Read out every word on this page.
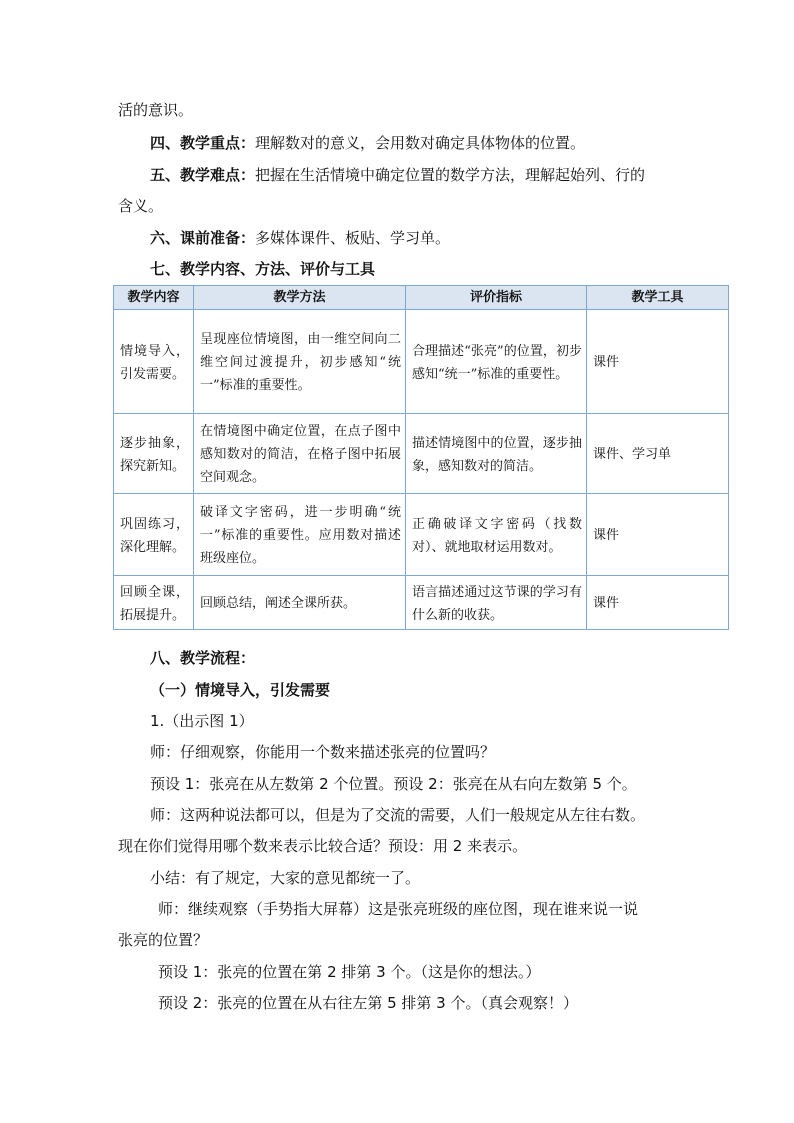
活的意识。
四、教学重点：理解数对的意义，会用数对确定具体物体的位置。
五、教学难点：把握在生活情境中确定位置的数学方法，理解起始列、行的
含义。
六、课前准备：多媒体课件、板贴、学习单。
七、教学内容、方法、评价与工具
教学内容	教学方法	评价指标	教学工具

情境导入，引发需要。	呈现座位情境图，由一维空间向二维空间过渡提升，初步感知“统一”标准的重要性。	合理描述“张亮”的位置，初步感知“统一”标准的重要性。	课件

逐步抽象，探究新知。	在情境图中确定位置，在点子图中感知数对的简洁，在格子图中拓展空间观念。	描述情境图中的位置，逐步抽象，感知数对的简洁。	课件、学习单

巩固练习，深化理解。	破译文字密码，进一步明确“统一”标准的重要性。应用数对描述班级座位。	正确破译文字密码（找数对）、就地取材运用数对。	课件

回顾全课，拓展提升。	回顾总结，阐述全课所获。	语言描述通过这节课的学习有什么新的收获。	课件
八、教学流程：
（一）情境导入，引发需要
1.（出示图 1）
师：仔细观察，你能用一个数来描述张亮的位置吗？
预设 1：张亮在从左数第 2 个位置。预设 2：张亮在从右向左数第 5 个。
师：这两种说法都可以，但是为了交流的需要，人们一般规定从左往右数。
现在你们觉得用哪个数来表示比较合适？预设：用 2 来表示。
小结：有了规定，大家的意见都统一了。
师：继续观察（手势指大屏幕）这是张亮班级的座位图，现在谁来说一说
张亮的位置？
预设 1：张亮的位置在第 2 排第 3 个。（这是你的想法。）
预设 2：张亮的位置在从右往左第 5 排第 3 个。（真会观察！）
